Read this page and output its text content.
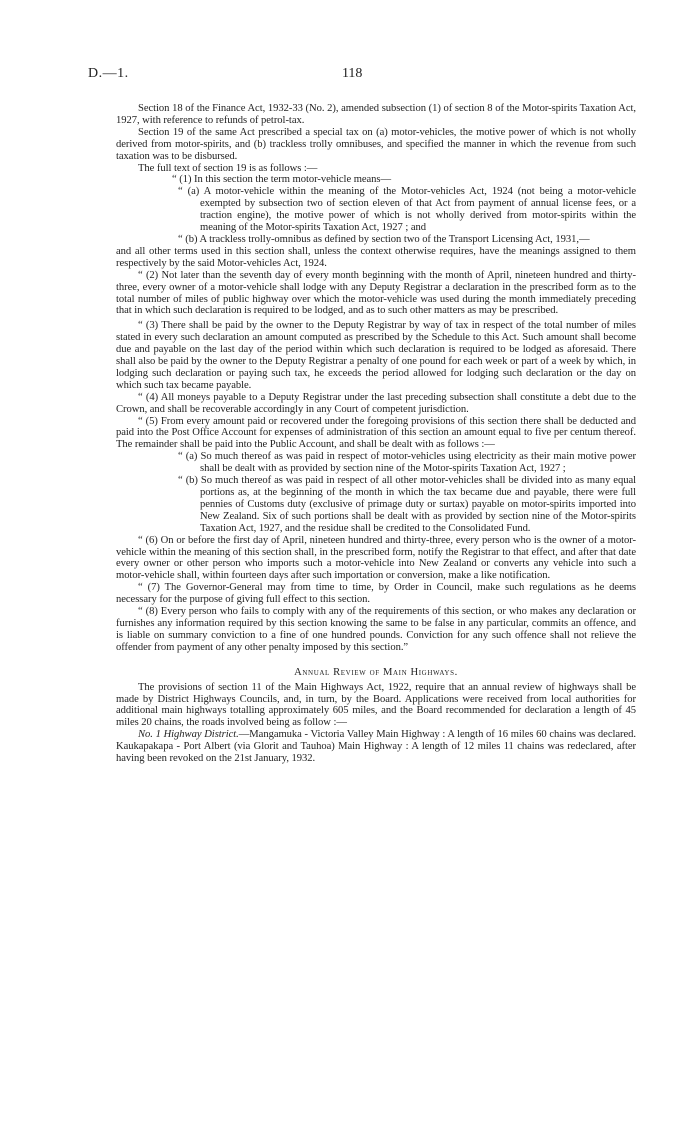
D.—1.	118

Section 18 of the Finance Act, 1932-33 (No. 2), amended subsection (1) of section 8 of the Motor-spirits Taxation Act, 1927, with reference to refunds of petrol-tax.

Section 19 of the same Act prescribed a special tax on (a) motor-vehicles, the motive power of which is not wholly derived from motor-spirits, and (b) trackless trolly omnibuses, and specified the manner in which the revenue from such taxation was to be disbursed.

The full text of section 19 is as follows :—

“ (1) In this section the term motor-vehicle means—

“ (a) A motor-vehicle within the meaning of the Motor-vehicles Act, 1924 (not being a motor-vehicle exempted by subsection two of section eleven of that Act from payment of annual license fees, or a traction engine), the motive power of which is not wholly derived from motor-spirits within the meaning of the Motor-spirits Taxation Act, 1927 ; and

“ (b) A trackless trolly-omnibus as defined by section two of the Transport Licensing Act, 1931,—

and all other terms used in this section shall, unless the context otherwise requires, have the meanings assigned to them respectively by the said Motor-vehicles Act, 1924.

“ (2) Not later than the seventh day of every month beginning with the month of April, nineteen hundred and thirty-three, every owner of a motor-vehicle shall lodge with any Deputy Registrar a declaration in the prescribed form as to the total number of miles of public highway over which the motor-vehicle was used during the month immediately preceding that in which such declaration is required to be lodged, and as to such other matters as may be prescribed.

“ (3) There shall be paid by the owner to the Deputy Registrar by way of tax in respect of the total number of miles stated in every such declaration an amount computed as prescribed by the Schedule to this Act. Such amount shall become due and payable on the last day of the period within which such declaration is required to be lodged as aforesaid. There shall also be paid by the owner to the Deputy Registrar a penalty of one pound for each week or part of a week by which, in lodging such declaration or paying such tax, he exceeds the period allowed for lodging such declaration or the day on which such tax became payable.

“ (4) All moneys payable to a Deputy Registrar under the last preceding subsection shall constitute a debt due to the Crown, and shall be recoverable accordingly in any Court of competent jurisdiction.

“ (5) From every amount paid or recovered under the foregoing provisions of this section there shall be deducted and paid into the Post Office Account for expenses of administration of this section an amount equal to five per centum thereof. The remainder shall be paid into the Public Account, and shall be dealt with as follows :—

“ (a) So much thereof as was paid in respect of motor-vehicles using electricity as their main motive power shall be dealt with as provided by section nine of the Motor-spirits Taxation Act, 1927 ;

“ (b) So much thereof as was paid in respect of all other motor-vehicles shall be divided into as many equal portions as, at the beginning of the month in which the tax became due and payable, there were full pennies of Customs duty (exclusive of primage duty or surtax) payable on motor-spirits imported into New Zealand. Six of such portions shall be dealt with as provided by section nine of the Motor-spirits Taxation Act, 1927, and the residue shall be credited to the Consolidated Fund.

“ (6) On or before the first day of April, nineteen hundred and thirty-three, every person who is the owner of a motor-vehicle within the meaning of this section shall, in the prescribed form, notify the Registrar to that effect, and after that date every owner or other person who imports such a motor-vehicle into New Zealand or converts any vehicle into such a motor-vehicle shall, within fourteen days after such importation or conversion, make a like notification.

“ (7) The Governor-General may from time to time, by Order in Council, make such regulations as he deems necessary for the purpose of giving full effect to this section.

“ (8) Every person who fails to comply with any of the requirements of this section, or who makes any declaration or furnishes any information required by this section knowing the same to be false in any particular, commits an offence, and is liable on summary conviction to a fine of one hundred pounds. Conviction for any such offence shall not relieve the offender from payment of any other penalty imposed by this section.”

Annual Review of Main Highways.

The provisions of section 11 of the Main Highways Act, 1922, require that an annual review of highways shall be made by District Highways Councils, and, in turn, by the Board. Applications were received from local authorities for additional main highways totalling approximately 605 miles, and the Board recommended for declaration a length of 45 miles 20 chains, the roads involved being as follow :—

No. 1 Highway District.—Mangamuka - Victoria Valley Main Highway : A length of 16 miles 60 chains was declared. Kaukapakapa - Port Albert (via Glorit and Tauhoa) Main Highway : A length of 12 miles 11 chains was redeclared, after having been revoked on the 21st January, 1932.
